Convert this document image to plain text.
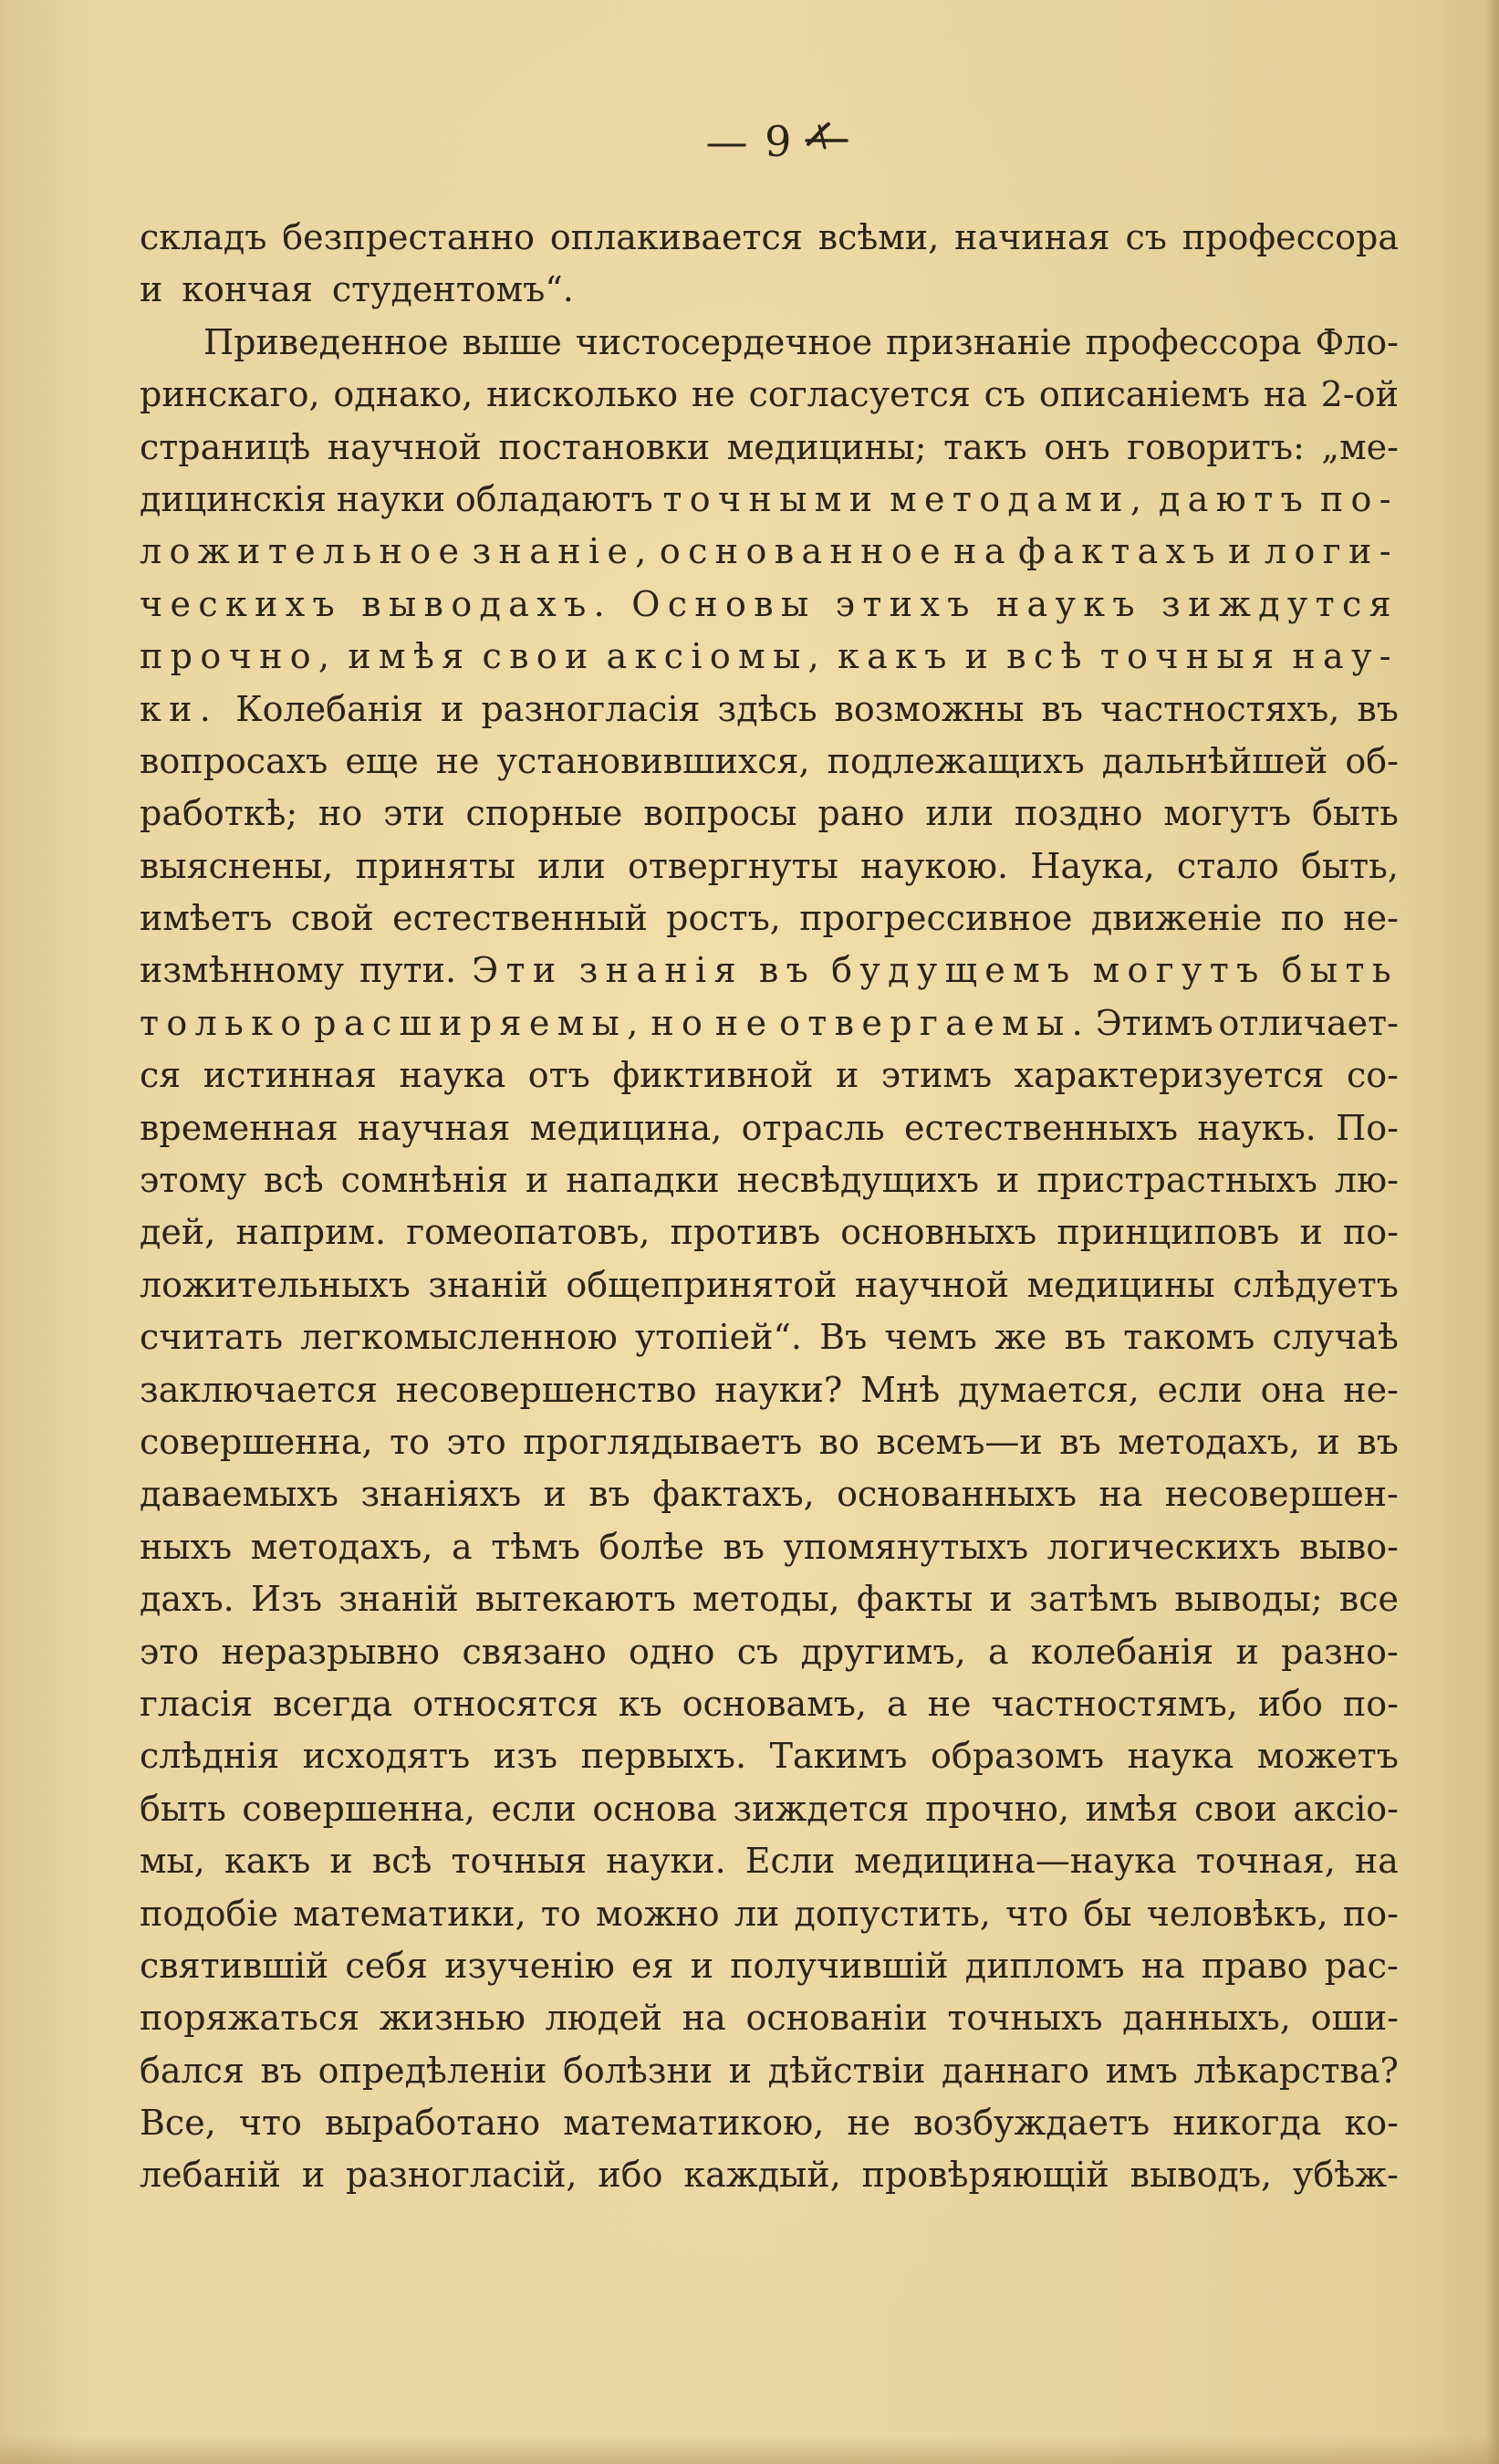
— 9
складъ безпрестанно оплакивается всѣми, начиная съ профессора
и кончая студентомъ“.
Приведенное выше чистосердечное признаніе профессора Фло-
ринскаго, однако, нисколько не согласуется съ описаніемъ на 2-ой
страницѣ научной постановки медицины; такъ онъ говоритъ: „ме-
дицинскія науки обладаютъ точными методами, даютъ по-
ложительное знаніе, основанное на фактахъ и логи-
ческихъ выводахъ. Основы этихъ наукъ зиждутся
прочно, имѣя свои аксіомы, какъ и всѣ точныя нау-
ки. Колебанія и разногласія здѣсь возможны въ частностяхъ, въ
вопросахъ еще не установившихся, подлежащихъ дальнѣйшей об-
работкѣ; но эти спорные вопросы рано или поздно могутъ быть
выяснены, приняты или отвергнуты наукою. Наука, стало быть,
имѣетъ свой естественный ростъ, прогрессивное движеніе по не-
измѣнному пути. Эти знанія въ будущемъ могутъ быть
только расширяемы, но не отвергаемы. Этимъ отличает-
ся истинная наука отъ фиктивной и этимъ характеризуется со-
временная научная медицина, отрасль естественныхъ наукъ. По-
этому всѣ сомнѣнія и нападки несвѣдущихъ и пристрастныхъ лю-
дей, наприм. гомеопатовъ, противъ основныхъ принциповъ и по-
ложительныхъ знаній общепринятой научной медицины слѣдуетъ
считать легкомысленною утопіей“. Въ чемъ же въ такомъ случаѣ
заключается несовершенство науки? Мнѣ думается, если она не-
совершенна, то это проглядываетъ во всемъ—и въ методахъ, и въ
даваемыхъ знаніяхъ и въ фактахъ, основанныхъ на несовершен-
ныхъ методахъ, а тѣмъ болѣе въ упомянутыхъ логическихъ выво-
дахъ. Изъ знаній вытекаютъ методы, факты и затѣмъ выводы; все
это неразрывно связано одно съ другимъ, а колебанія и разно-
гласія всегда относятся къ основамъ, а не частностямъ, ибо по-
слѣднія исходятъ изъ первыхъ. Такимъ образомъ наука можетъ
быть совершенна, если основа зиждется прочно, имѣя свои аксіо-
мы, какъ и всѣ точныя науки. Если медицина—наука точная, на
подобіе математики, то можно ли допустить, что бы человѣкъ, по-
святившій себя изученію ея и получившій дипломъ на право рас-
поряжаться жизнью людей на основаніи точныхъ данныхъ, оши-
бался въ опредѣленіи болѣзни и дѣйствіи даннаго имъ лѣкарства?
Все, что выработано математикою, не возбуждаетъ никогда ко-
лебаній и разногласій, ибо каждый, провѣряющій выводъ, убѣж-
